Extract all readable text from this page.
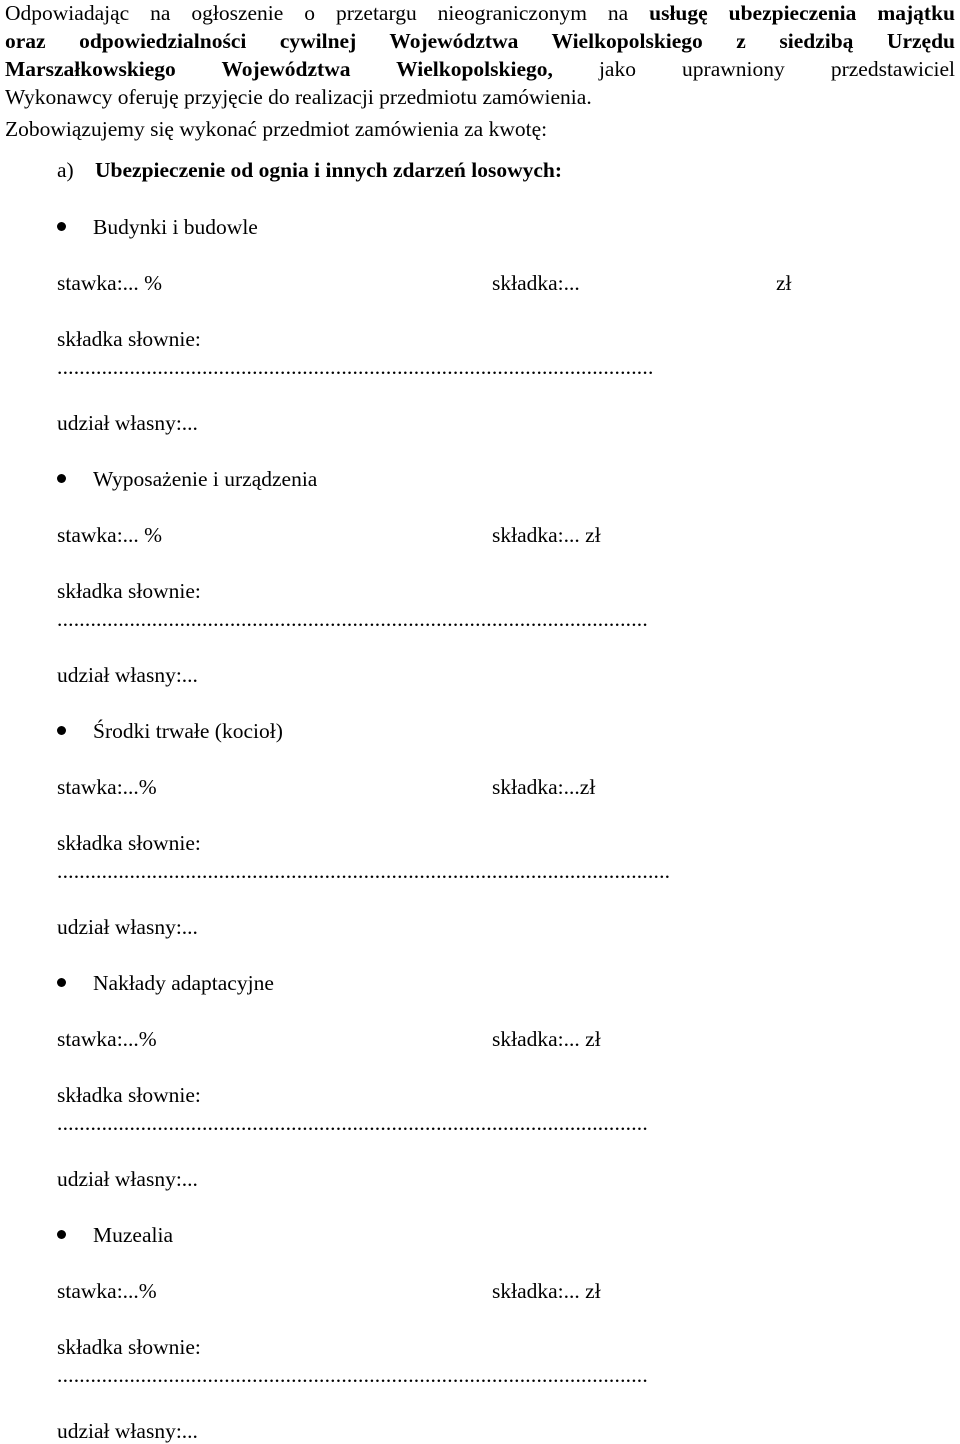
Odpowiadając na ogłoszenie o przetargu nieograniczonym na usługę ubezpieczenia majątku
oraz odpowiedzialności cywilnej Województwa Wielkopolskiego z siedzibą Urzędu
Marszałkowskiego Województwa Wielkopolskiego, jako uprawniony przedstawiciel
Wykonawcy oferuję przyjęcie do realizacji przedmiotu zamówienia.
Zobowiązujemy się wykonać przedmiot zamówienia za kwotę:
a) Ubezpieczenie od ognia i innych zdarzeń losowych:
Budynki i budowle
stawka:... %	składka:...	zł
składka słownie:
...........................................................................................................
udział własny:...
Wyposażenie i urządzenia
stawka:... %	składka:... zł
składka słownie:
..........................................................................................................
udział własny:...
Środki trwałe (kocioł)
stawka:...%	składka:...zł
składka słownie:
..............................................................................................................
udział własny:...
Nakłady adaptacyjne
stawka:...%	składka:... zł
składka słownie:
..........................................................................................................
udział własny:...
Muzealia
stawka:...%	składka:... zł
składka słownie:
..........................................................................................................
udział własny:...
